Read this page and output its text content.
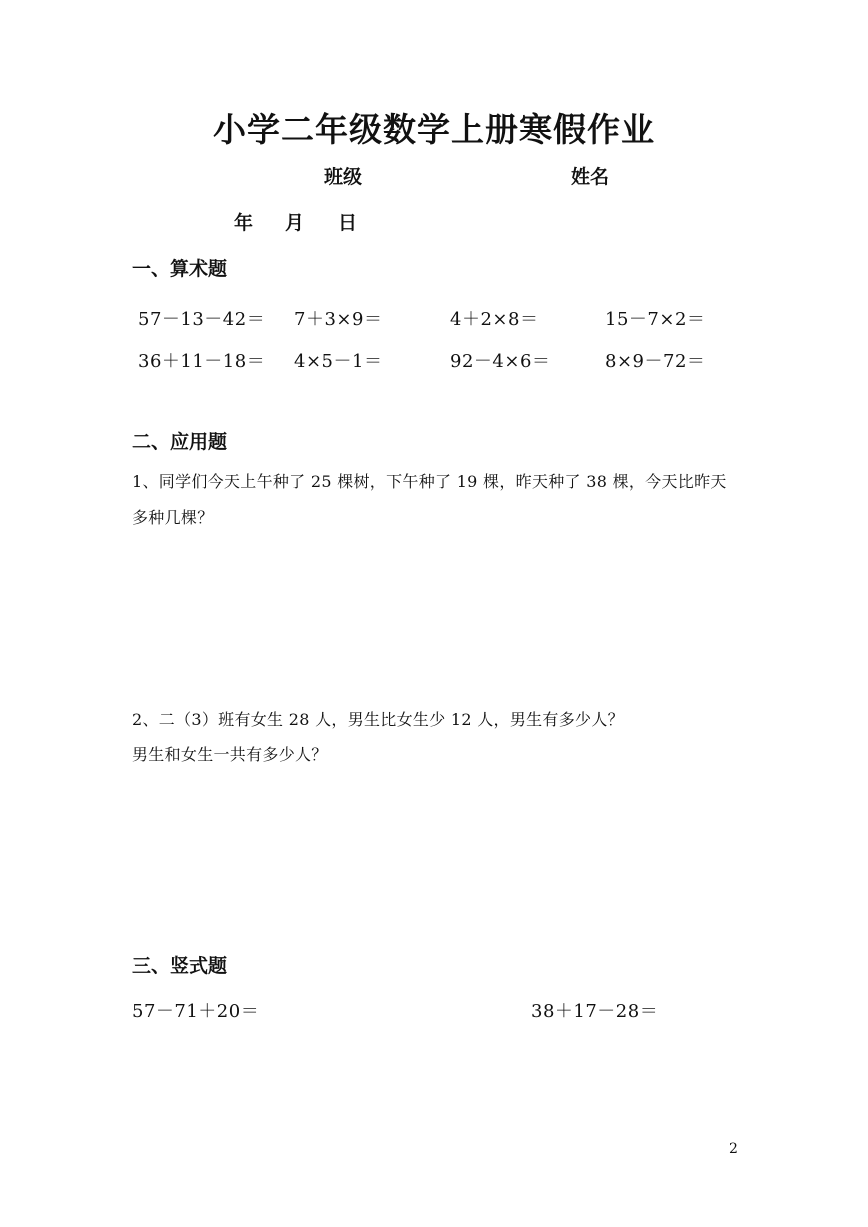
小学二年级数学上册寒假作业
班级	姓名
年 月 日
一、算术题
57－13－42＝ 7＋3×9＝	4＋2×8＝	15－7×2＝
36＋11－18＝ 4×5－1＝	92－4×6＝	8×9－72＝
二、应用题
1、同学们今天上午种了 25 棵树，下午种了 19 棵，昨天种了 38 棵，今天比昨天
多种几棵？
2、二（3）班有女生 28 人，男生比女生少 12 人，男生有多少人？
男生和女生一共有多少人？
三、竖式题
57－71＋20＝	38＋17－28＝
2
